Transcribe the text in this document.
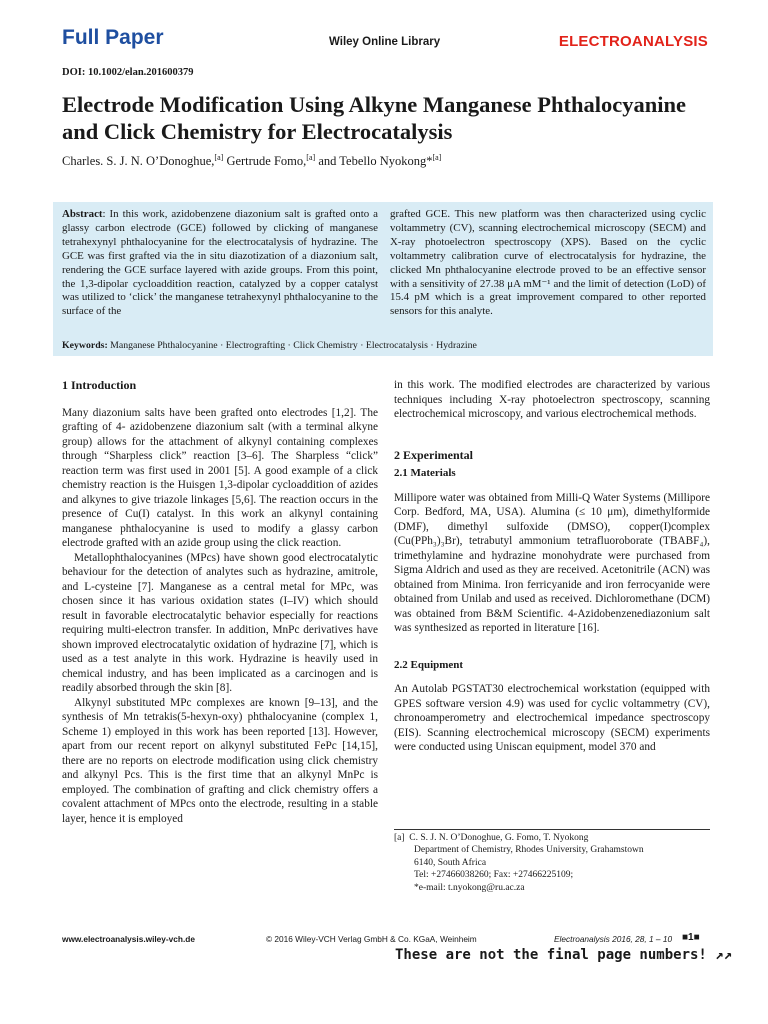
Full Paper	Wiley Online Library	ELECTROANALYSIS
DOI: 10.1002/elan.201600379
Electrode Modification Using Alkyne Manganese Phthalocyanine and Click Chemistry for Electrocatalysis
Charles. S. J. N. O’Donoghue,[a] Gertrude Fomo,[a] and Tebello Nyokong*[a]
Abstract: In this work, azidobenzene diazonium salt is grafted onto a glassy carbon electrode (GCE) followed by clicking of manganese tetrahexynyl phthalocyanine for the electrocatalysis of hydrazine. The GCE was first grafted via the in situ diazotization of a diazonium salt, rendering the GCE surface layered with azide groups. From this point, the 1,3-dipolar cycloaddition reaction, catalyzed by a copper catalyst was utilized to ‘click’ the manganese tetrahexynyl phthalocyanine to the surface of the
grafted GCE. This new platform was then characterized using cyclic voltammetry (CV), scanning electrochemical microscopy (SECM) and X-ray photoelectron spectroscopy (XPS). Based on the cyclic voltammetry calibration curve of electrocatalysis for hydrazine, the clicked Mn phthalocyanine electrode proved to be an effective sensor with a sensitivity of 27.38 μA mM⁻¹ and the limit of detection (LoD) of 15.4 pM which is a great improvement compared to other reported sensors for this analyte.
Keywords: Manganese Phthalocyanine · Electrografting · Click Chemistry · Electrocatalysis · Hydrazine

1 Introduction

Many diazonium salts have been grafted onto electrodes [1,2]. The grafting of 4- azidobenzene diazonium salt (with a terminal alkyne group) allows for the attachment of alkynyl containing complexes through “Sharpless click” reaction [3–6]. The Sharpless “click” reaction term was first used in 2001 [5]. A good example of a click chemistry reaction is the Huisgen 1,3-dipolar cycloaddition of azides and alkynes to give triazole linkages [5,6]. The reaction occurs in the presence of Cu(I) catalyst. In this work an alkynyl containing manganese phthalocyanine is used to modify a glassy carbon electrode grafted with an azide group using the click reaction.

Metallophthalocyanines (MPcs) have shown good electrocatalytic behaviour for the detection of analytes such as hydrazine, amitrole, and L-cysteine [7]. Manganese as a central metal for MPc, was chosen since it has various oxidation states (I–IV) which should result in favorable electrocatalytic behavior especially for reactions requiring multi-electron transfer. In addition, MnPc derivatives have shown improved electrocatalytic oxidation of hydrazine [7], which is used as a test analyte in this work. Hydrazine is heavily used in chemical industry, and has been implicated as a carcinogen and is readily absorbed through the skin [8].

Alkynyl substituted MPc complexes are known [9–13], and the synthesis of Mn tetrakis(5-hexyn-oxy) phthalocyanine (complex 1, Scheme 1) employed in this work has been reported [13]. However, apart from our recent report on alkynyl substituted FePc [14,15], there are no reports on electrode modification using click chemistry and alkynyl Pcs. This is the first time that an alkynyl MnPc is employed. The combination of grafting and click chemistry offers a covalent attachment of MPcs onto the electrode, resulting in a stable layer, hence it is employed

in this work. The modified electrodes are characterized by various techniques including X-ray photoelectron spectroscopy, scanning electrochemical microscopy, and various electrochemical methods.

2 Experimental

2.1 Materials

Millipore water was obtained from Milli-Q Water Systems (Millipore Corp. Bedford, MA, USA). Alumina (≤ 10 μm), dimethylformide (DMF), dimethyl sulfoxide (DMSO), copper(I)complex (Cu(PPh₃)₃Br), tetrabutyl ammonium tetrafluoroborate (TBABF₄), trimethylamine and hydrazine monohydrate were purchased from Sigma Aldrich and used as they are received. Acetonitrile (ACN) was obtained from Minima. Iron ferricyanide and iron ferrocyanide were obtained from Unilab and used as received. Dichloromethane (DCM) was obtained from B&M Scientific. 4-Azidobenzenediazonium salt was synthesized as reported in literature [16].

2.2 Equipment

An Autolab PGSTAT30 electrochemical workstation (equipped with GPES software version 4.9) was used for cyclic voltammetry (CV), chronoamperometry and electrochemical impedance spectroscopy (EIS). Scanning electrochemical microscopy (SECM) experiments were conducted using Uniscan equipment, model 370 and

[a] C. S. J. N. O’Donoghue, G. Fomo, T. Nyokong
Department of Chemistry, Rhodes University, Grahamstown
6140, South Africa
Tel: +27466038260; Fax: +27466225109;
*e-mail: t.nyokong@ru.ac.za
www.electroanalysis.wiley-vch.de	© 2016 Wiley-VCH Verlag GmbH & Co. KGaA, Weinheim	Electroanalysis 2016, 28, 1 – 10 ■1■
These are not the final page numbers! ↗↗
